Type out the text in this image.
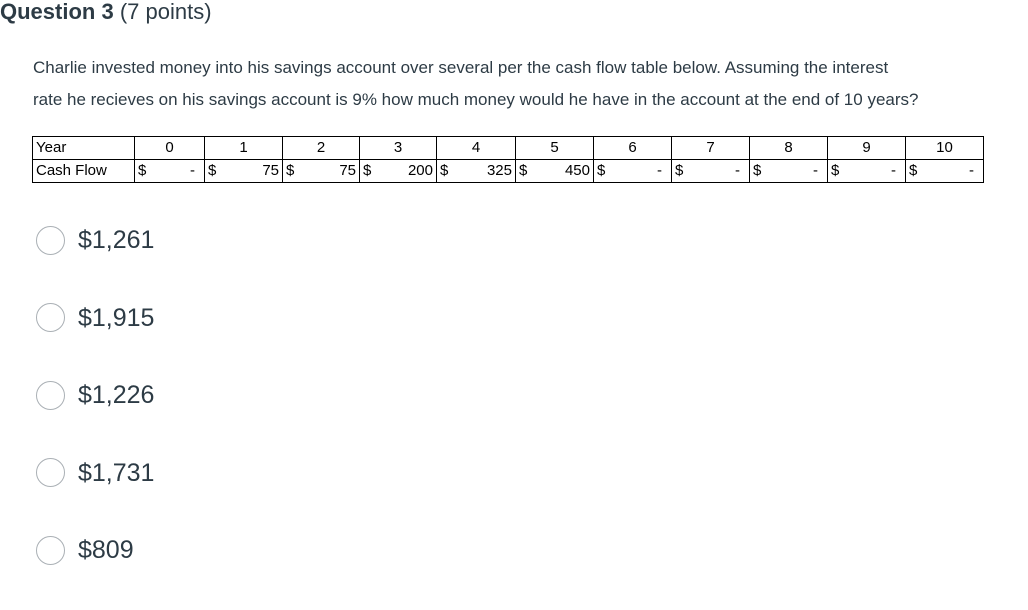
Question 3 (7 points)
Charlie invested money into his savings account over several per the cash flow table below. Assuming the interest
rate he recieves on his savings account is 9% how much money would he have in the account at the end of 10 years?
Year	0	1	2	3	4	5	6	7	8	9	10
Cash Flow	$ -	$ 75	$ 75	$ 200	$ 325	$ 450	$ -	$ -	$ -	$ -	$ -
$1,261
$1,915
$1,226
$1,731
$809
